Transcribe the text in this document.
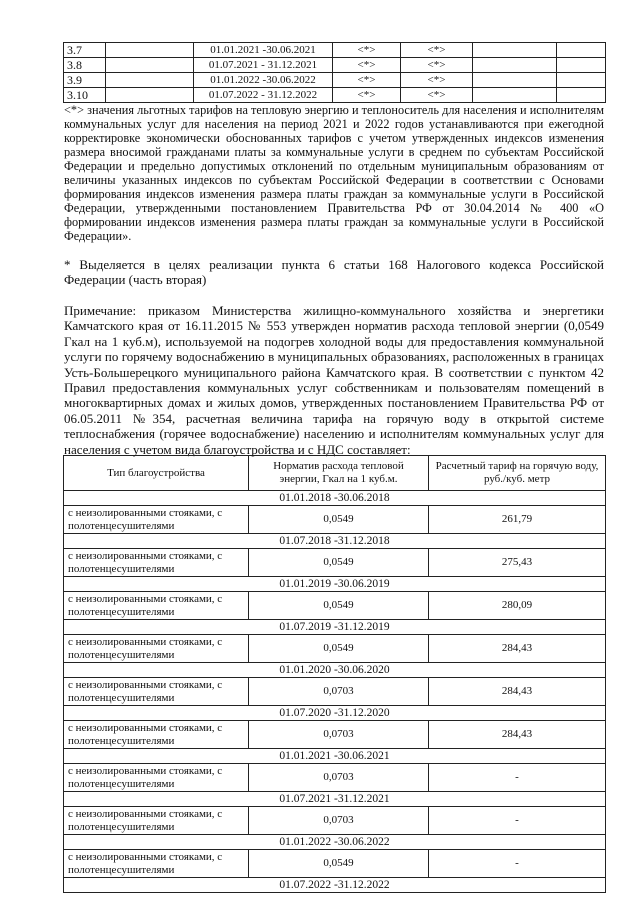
3.7		01.01.2021 -30.06.2021	<*>	<*>		
3.8		01.07.2021 - 31.12.2021	<*>	<*>		
3.9		01.01.2022 -30.06.2022	<*>	<*>		
3.10		01.07.2022 - 31.12.2022	<*>	<*>		

<*> значения льготных тарифов на тепловую энергию и теплоноситель для населения и исполнителям коммунальных услуг для населения на период 2021 и 2022 годов устанавливаются при ежегодной корректировке экономически обоснованных тарифов с учетом утвержденных индексов изменения размера вносимой гражданами платы за коммунальные услуги в среднем по субъектам Российской Федерации и предельно допустимых отклонений по отдельным муниципальным образованиям от величины указанных индексов по субъектам Российской Федерации в соответствии с Основами формирования индексов изменения размера платы граждан за коммунальные услуги в Российской Федерации, утвержденными постановлением Правительства РФ от 30.04.2014 № 400 «О формировании индексов изменения размера платы граждан за коммунальные услуги в Российской Федерации».

* Выделяется в целях реализации пункта 6 статьи 168 Налогового кодекса Российской Федерации (часть вторая)

Примечание: приказом Министерства жилищно-коммунального хозяйства и энергетики Камчатского края от 16.11.2015 № 553 утвержден норматив расхода тепловой энергии (0,0549 Гкал на 1 куб.м), используемой на подогрев холодной воды для предоставления коммунальной услуги по горячему водоснабжению в муниципальных образованиях, расположенных в границах Усть-Большерецкого муниципального района Камчатского края. В соответствии с пунктом 42 Правил предоставления коммунальных услуг собственникам и пользователям помещений в многоквартирных домах и жилых домов, утвержденных постановлением Правительства РФ от 06.05.2011 №354, расчетная величина тарифа на горячую воду в открытой системе теплоснабжения (горячее водоснабжение) населению и исполнителям коммунальных услуг для населения с учетом вида благоустройства и с НДС составляет:

Тип благоустройства	Норматив расхода тепловой энергии, Гкал на 1 куб.м.	Расчетный тариф на горячую воду, руб./куб. метр
01.01.2018 -30.06.2018		
с неизолированными стояками, с полотенцесушителями	0,0549	261,79
01.07.2018 -31.12.2018		
с неизолированными стояками, с полотенцесушителями	0,0549	275,43
01.01.2019 -30.06.2019		
с неизолированными стояками, с полотенцесушителями	0,0549	280,09
01.07.2019 -31.12.2019		
с неизолированными стояками, с полотенцесушителями	0,0549	284,43
01.01.2020 -30.06.2020		
с неизолированными стояками, с полотенцесушителями	0,0703	284,43
01.07.2020 -31.12.2020		
с неизолированными стояками, с полотенцесушителями	0,0703	284,43
01.01.2021 -30.06.2021		
с неизолированными стояками, с полотенцесушителями	0,0703	-
01.07.2021 -31.12.2021		
с неизолированными стояками, с полотенцесушителями	0,0703	-
01.01.2022 -30.06.2022		
с неизолированными стояками, с полотенцесушителями	0,0549	-
01.07.2022 -31.12.2022		
